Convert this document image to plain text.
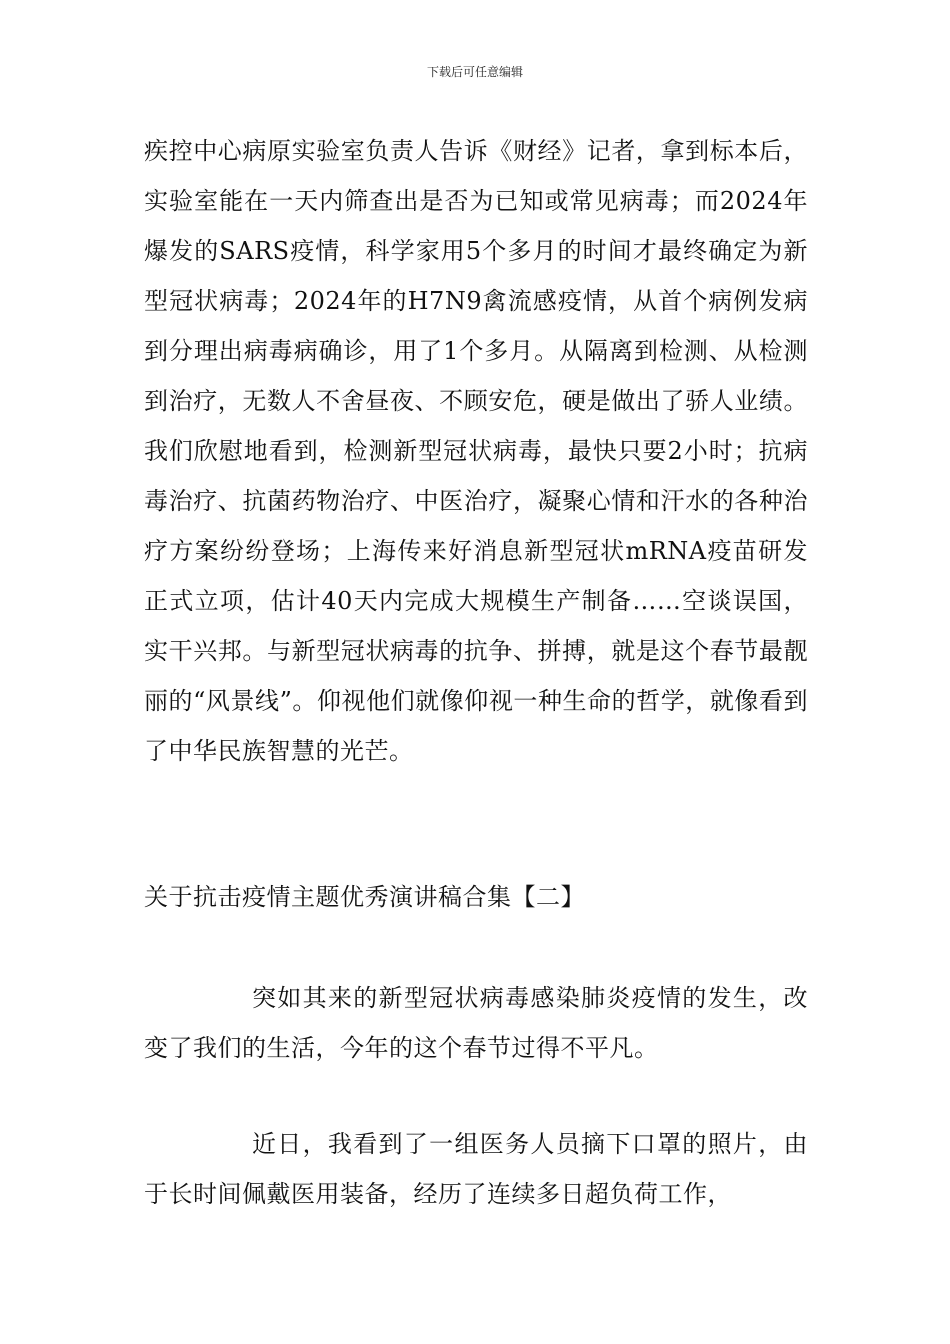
下载后可任意编辑
疾控中心病原实验室负责人告诉《财经》记者，拿到标本后，实验室能在一天内筛查出是否为已知或常见病毒；而2024年爆发的SARS疫情，科学家用5个多月的时间才最终确定为新型冠状病毒；2024年的H7N9禽流感疫情，从首个病例发病到分理出病毒病确诊，用了1个多月。从隔离到检测、从检测到治疗，无数人不舍昼夜、不顾安危，硬是做出了骄人业绩。我们欣慰地看到，检测新型冠状病毒，最快只要2小时；抗病毒治疗、抗菌药物治疗、中医治疗，凝聚心情和汗水的各种治疗方案纷纷登场；上海传来好消息新型冠状mRNA疫苗研发正式立项，估计40天内完成大规模生产制备……空谈误国，实干兴邦。与新型冠状病毒的抗争、拼搏，就是这个春节最靓丽的“风景线”。仰视他们就像仰视一种生命的哲学，就像看到了中华民族智慧的光芒。
关于抗击疫情主题优秀演讲稿合集【二】
突如其来的新型冠状病毒感染肺炎疫情的发生，改变了我们的生活，今年的这个春节过得不平凡。
近日，我看到了一组医务人员摘下口罩的照片，由于长时间佩戴医用装备，经历了连续多日超负荷工作，
